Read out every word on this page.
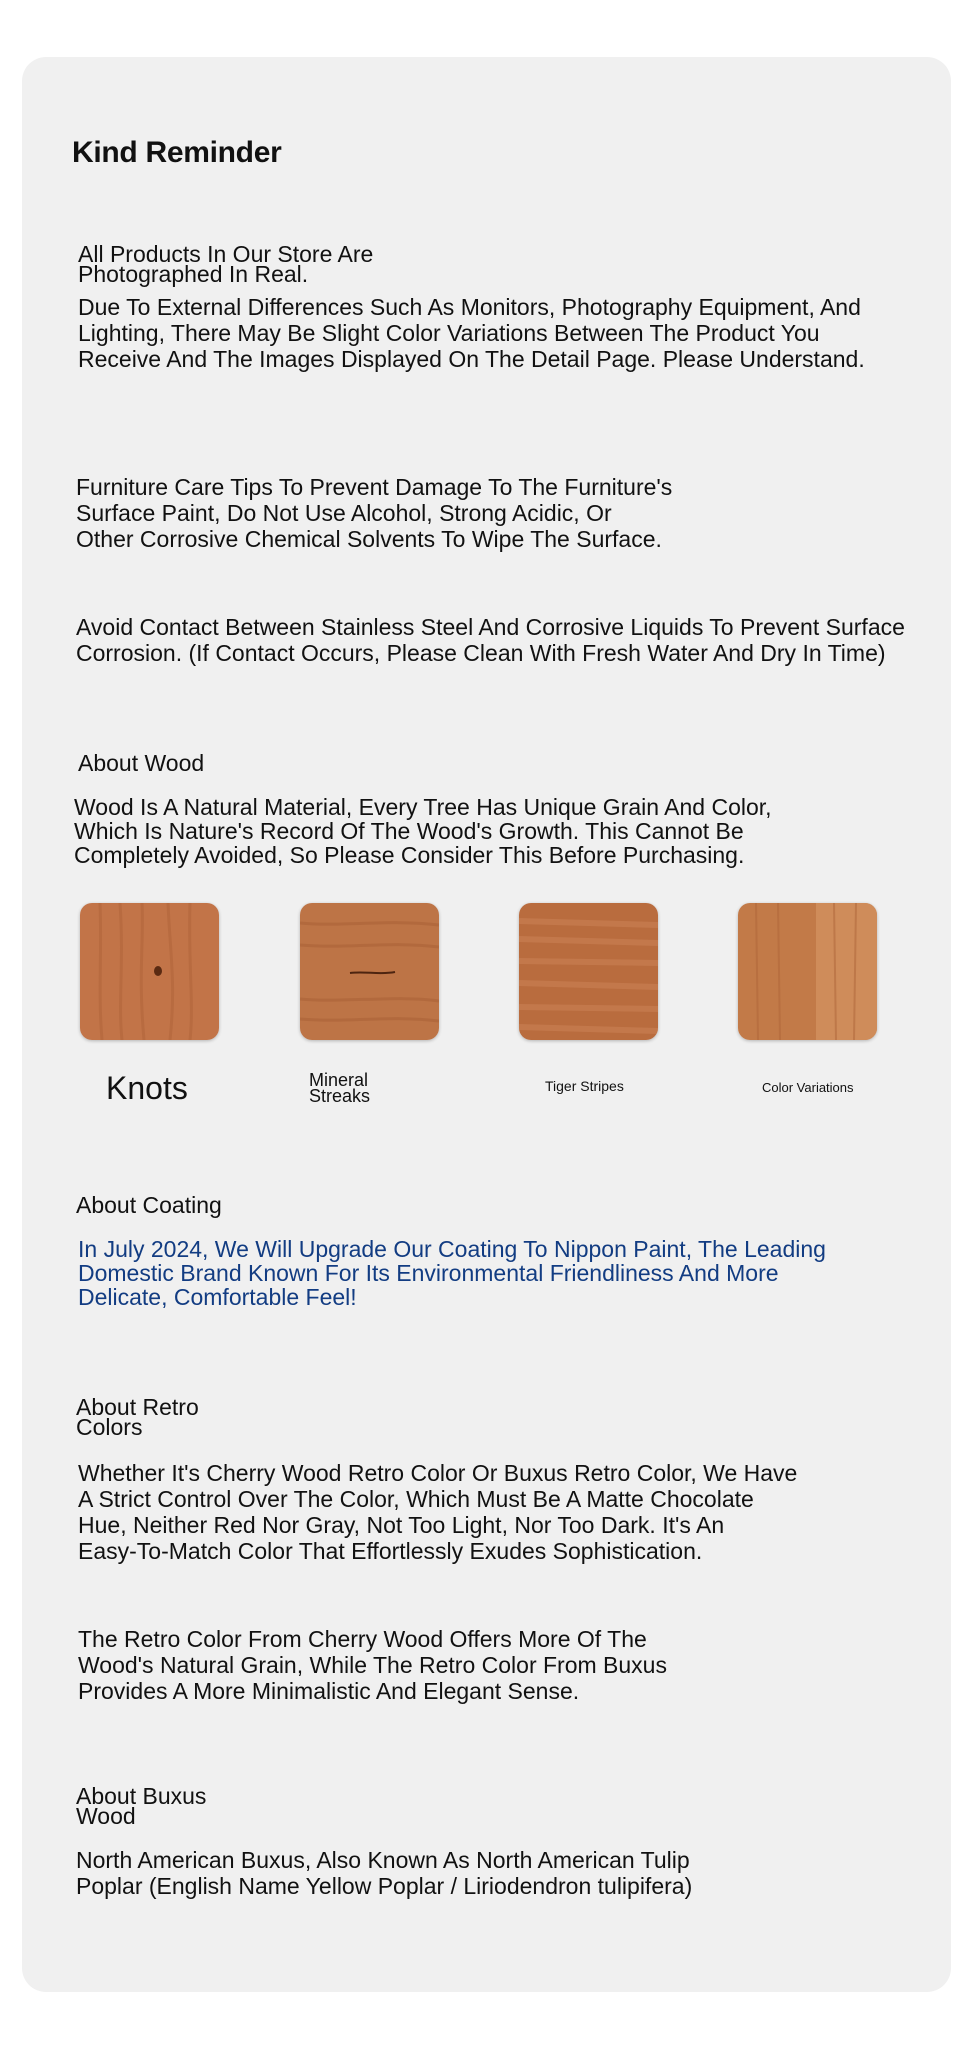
Kind Reminder

All Products In Our Store Are
Photographed In Real.

Due To External Differences Such As Monitors, Photography Equipment, And
Lighting, There May Be Slight Color Variations Between The Product You
Receive And The Images Displayed On The Detail Page. Please Understand.

Furniture Care Tips To Prevent Damage To The Furniture's
Surface Paint, Do Not Use Alcohol, Strong Acidic, Or
Other Corrosive Chemical Solvents To Wipe The Surface.

Avoid Contact Between Stainless Steel And Corrosive Liquids To Prevent Surface
Corrosion. (If Contact Occurs, Please Clean With Fresh Water And Dry In Time)

About Wood

Wood Is A Natural Material, Every Tree Has Unique Grain And Color,
Which Is Nature's Record Of The Wood's Growth. This Cannot Be
Completely Avoided, So Please Consider This Before Purchasing.

Knots	Mineral
Streaks	Tiger Stripes	Color Variations

About Coating

In July 2024, We Will Upgrade Our Coating To Nippon Paint, The Leading
Domestic Brand Known For Its Environmental Friendliness And More
Delicate, Comfortable Feel!

About Retro
Colors

Whether It's Cherry Wood Retro Color Or Buxus Retro Color, We Have
A Strict Control Over The Color, Which Must Be A Matte Chocolate
Hue, Neither Red Nor Gray, Not Too Light, Nor Too Dark. It's An
Easy-To-Match Color That Effortlessly Exudes Sophistication.

The Retro Color From Cherry Wood Offers More Of The
Wood's Natural Grain, While The Retro Color From Buxus
Provides A More Minimalistic And Elegant Sense.

About Buxus
Wood

North American Buxus, Also Known As North American Tulip
Poplar (English Name Yellow Poplar / Liriodendron tulipifera)
